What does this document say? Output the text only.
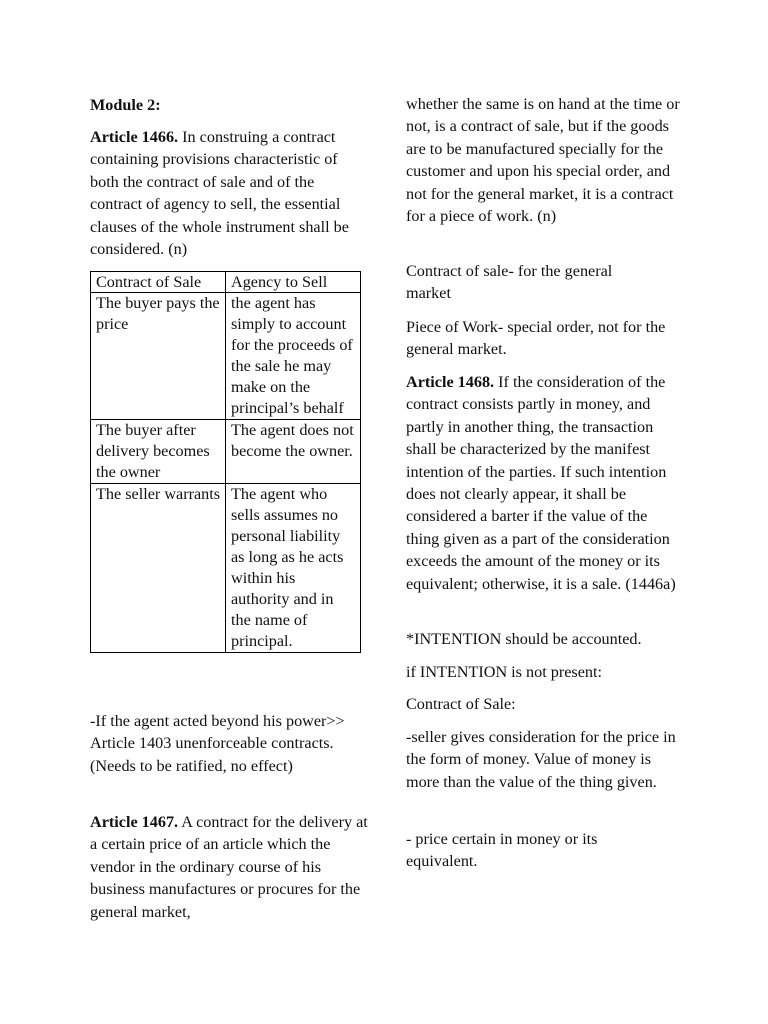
Module 2:

Article 1466. In construing a contract containing provisions characteristic of both the contract of sale and of the contract of agency to sell, the essential clauses of the whole instrument shall be considered. (n)

Contract of Sale	Agency to Sell
The buyer pays the price	the agent has simply to account for the proceeds of the sale he may make on the principal’s behalf
The buyer after delivery becomes the owner	The agent does not become the owner.
The seller warrants	The agent who sells assumes no personal liability as long as he acts within his authority and in the name of principal.

-If the agent acted beyond his power>> Article 1403 unenforceable contracts. (Needs to be ratified, no effect)

Article 1467. A contract for the delivery at a certain price of an article which the vendor in the ordinary course of his business manufactures or procures for the general market,

whether the same is on hand at the time or not, is a contract of sale, but if the goods are to be manufactured specially for the customer and upon his special order, and not for the general market, it is a contract for a piece of work. (n)

Contract of sale- for the general market

Piece of Work- special order, not for the general market.

Article 1468. If the consideration of the contract consists partly in money, and partly in another thing, the transaction shall be characterized by the manifest intention of the parties. If such intention does not clearly appear, it shall be considered a barter if the value of the thing given as a part of the consideration exceeds the amount of the money or its equivalent; otherwise, it is a sale. (1446a)

*INTENTION should be accounted.

if INTENTION is not present:

Contract of Sale:

-seller gives consideration for the price in the form of money. Value of money is more than the value of the thing given.

- price certain in money or its equivalent.
